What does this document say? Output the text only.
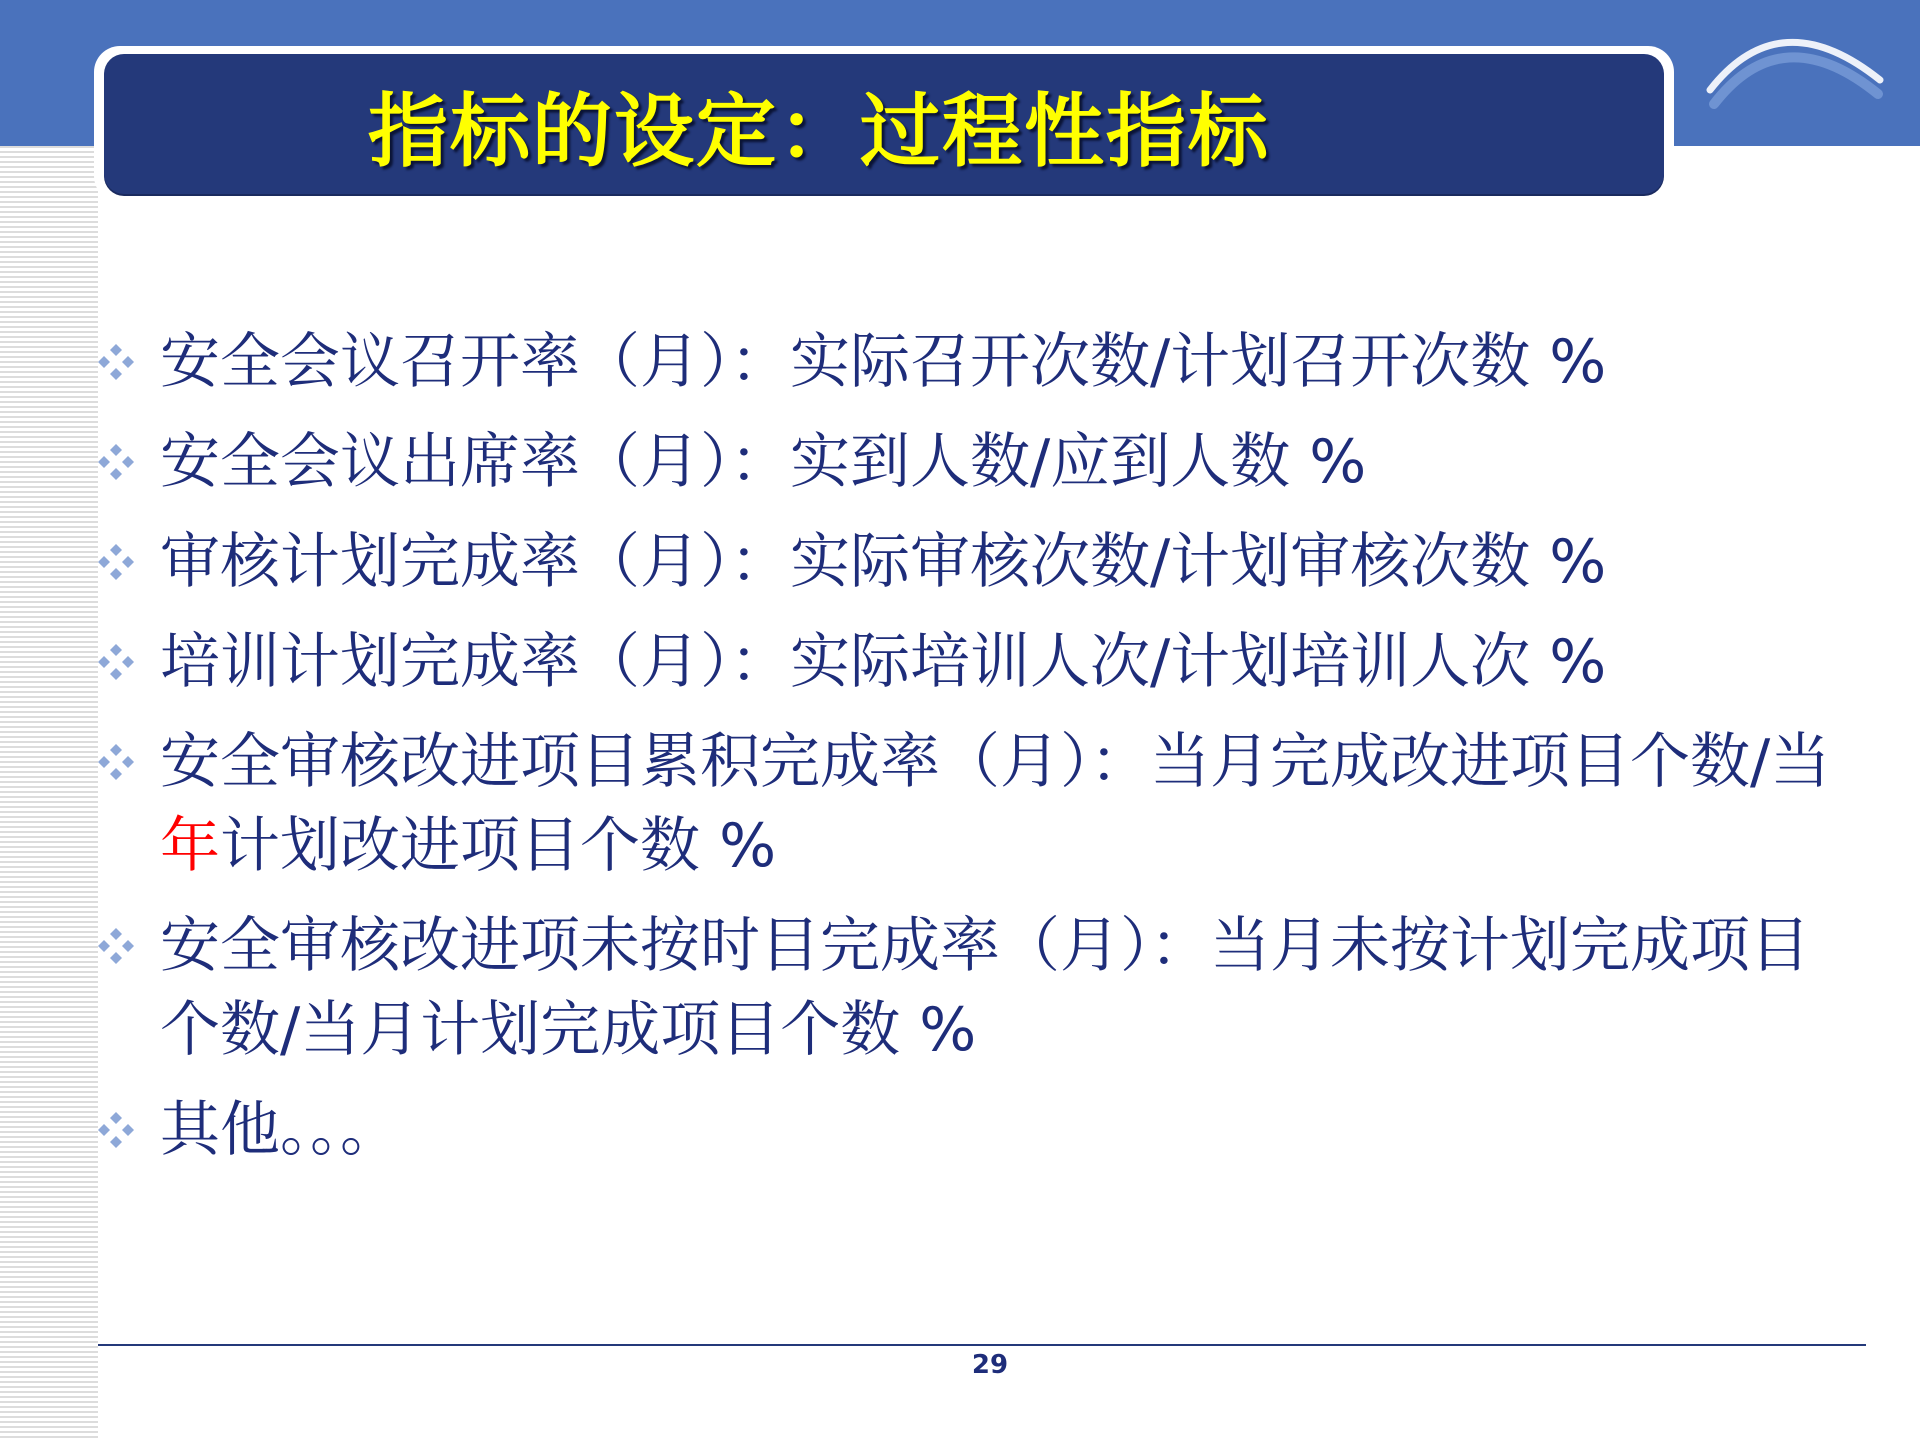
指标的设定：过程性指标
安全会议召开率（月）：实际召开次数/计划召开次数 %
安全会议出席率（月）：实到人数/应到人数 %
审核计划完成率（月）：实际审核次数/计划审核次数 %
培训计划完成率（月）：实际培训人次/计划培训人次 %
安全审核改进项目累积完成率（月）：当月完成改进项目个数/当年计划改进项目个数 %
安全审核改进项未按时目完成率（月）：当月未按计划完成项目个数/当月计划完成项目个数 %
其他。。。
29
